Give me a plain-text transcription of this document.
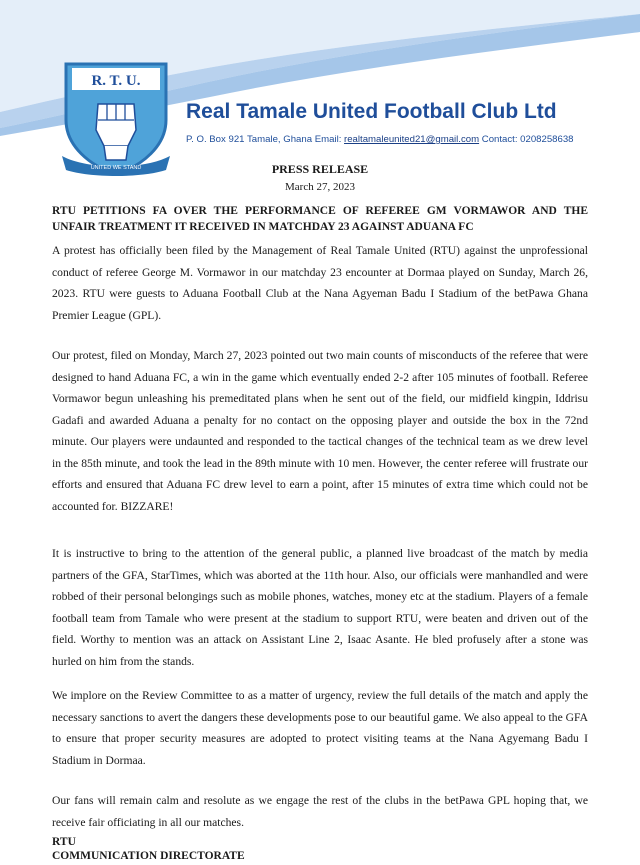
R. T. U.
UNITED WE STAND
Real Tamale United Football Club Ltd
P. O. Box 921 Tamale, Ghana Email: realtamaleunited21@gmail.com Contact: 0208258638
PRESS RELEASE
March 27, 2023
RTU PETITIONS FA OVER THE PERFORMANCE OF REFEREE GM VORMAWOR AND THE UNFAIR TREATMENT IT RECEIVED IN MATCHDAY 23 AGAINST ADUANA FC
A protest has officially been filed by the Management of Real Tamale United (RTU) against the unprofessional conduct of referee George M. Vormawor in our matchday 23 encounter at Dormaa played on Sunday, March 26, 2023. RTU were guests to Aduana Football Club at the Nana Agyeman Badu I Stadium of the betPawa Ghana Premier League (GPL).
Our protest, filed on Monday, March 27, 2023 pointed out two main counts of misconducts of the referee that were designed to hand Aduana FC, a win in the game which eventually ended 2-2 after 105 minutes of football. Referee Vormawor begun unleashing his premeditated plans when he sent out of the field, our midfield kingpin, Iddrisu Gadafi and awarded Aduana a penalty for no contact on the opposing player and outside the box in the 72nd minute. Our players were undaunted and responded to the tactical changes of the technical team as we drew level in the 85th minute, and took the lead in the 89th minute with 10 men. However, the center referee will frustrate our efforts and ensured that Aduana FC drew level to earn a point, after 15 minutes of extra time which could not be accounted for. BIZZARE!
It is instructive to bring to the attention of the general public, a planned live broadcast of the match by media partners of the GFA, StarTimes, which was aborted at the 11th hour. Also, our officials were manhandled and were robbed of their personal belongings such as mobile phones, watches, money etc at the stadium. Players of a female football team from Tamale who were present at the stadium to support RTU, were beaten and driven out of the field. Worthy to mention was an attack on Assistant Line 2, Isaac Asante. He bled profusely after a stone was hurled on him from the stands.
We implore on the Review Committee to as a matter of urgency, review the full details of the match and apply the necessary sanctions to avert the dangers these developments pose to our beautiful game. We also appeal to the GFA to ensure that proper security measures are adopted to protect visiting teams at the Nana Agyemang Badu I Stadium in Dormaa.
Our fans will remain calm and resolute as we engage the rest of the clubs in the betPawa GPL hoping that, we receive fair officiating in all our matches.
RTU
COMMUNICATION DIRECTORATE
